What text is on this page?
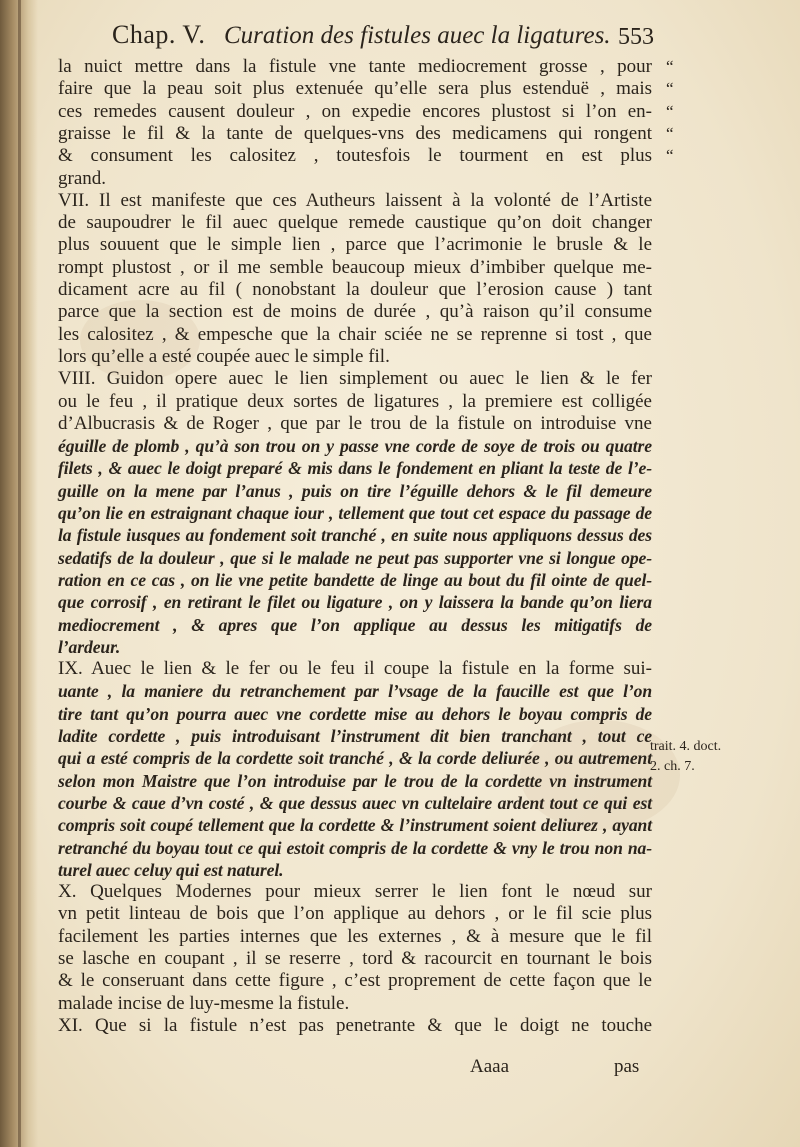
Chap. V. Curation des fistules auec la ligatures. 553
la nuict mettre dans la fistule vne tante mediocrement grosse , pour
faire que la peau soit plus extenuée qu’elle sera plus estenduë , mais
ces remedes causent douleur , on expedie encores plustost si l’on en-
graisse le fil & la tante de quelques-vns des medicamens qui rongent
& consument les calositez , toutesfois le tourment en est plus
grand.
VII. Il est manifeste que ces Autheurs laissent à la volonté de l’Artiste
de saupoudrer le fil auec quelque remede caustique qu’on doit changer
plus souuent que le simple lien , parce que l’acrimonie le brusle & le
rompt plustost , or il me semble beaucoup mieux d’imbiber quelque me-
dicament acre au fil ( nonobstant la douleur que l’erosion cause ) tant
parce que la section est de moins de durée , qu’à raison qu’il consume
les calositez , & empesche que la chair sciée ne se reprenne si tost , que
lors qu’elle a esté coupée auec le simple fil.
VIII. Guidon opere auec le lien simplement ou auec le lien & le fer
ou le feu , il pratique deux sortes de ligatures , la premiere est colligée
d’Albucrasis & de Roger , que par le trou de la fistule on introduise vne
éguille de plomb , qu’à son trou on y passe vne corde de soye de trois ou quatre
filets , & auec le doigt preparé & mis dans le fondement en pliant la teste de l’e-
guille on la mene par l’anus , puis on tire l’éguille dehors & le fil demeure
qu’on lie en estraignant chaque iour , tellement que tout cet espace du passage de
la fistule iusques au fondement soit tranché , en suite nous appliquons dessus des
sedatifs de la douleur , que si le malade ne peut pas supporter vne si longue ope-
ration en ce cas , on lie vne petite bandette de linge au bout du fil ointe de quel-
que corrosif , en retirant le filet ou ligature , on y laissera la bande qu’on liera
mediocrement , & apres que l’on applique au dessus les mitigatifs de
l’ardeur.
IX. Auec le lien & le fer ou le feu il coupe la fistule en la forme sui-
uante , la maniere du retranchement par l’vsage de la faucille est que l’on
tire tant qu’on pourra auec vne cordette mise au dehors le boyau compris de
ladite cordette , puis introduisant l’instrument dit bien tranchant , tout ce
qui a esté compris de la cordette soit tranché , & la corde deliurée , ou autrement
selon mon Maistre que l’on introduise par le trou de la cordette vn instrument
courbe & caue d’vn costé , & que dessus auec vn cultelaire ardent tout ce qui est
compris soit coupé tellement que la cordette & l’instrument soient deliurez , ayant
retranché du boyau tout ce qui estoit compris de la cordette & vny le trou non na-
turel auec celuy qui est naturel.
X. Quelques Modernes pour mieux serrer le lien font le nœud sur
vn petit linteau de bois que l’on applique au dehors , or le fil scie plus
facilement les parties internes que les externes , & à mesure que le fil
se lasche en coupant , il se reserre , tord & racourcit en tournant le bois
& le conseruant dans cette figure , c’est proprement de cette façon que le
malade incise de luy-mesme la fistule.
XI. Que si la fistule n’est pas penetrante & que le doigt ne touche
“
“
“
“
“
trait. 4. doct.
2. ch. 7.
Aaaa	pas
